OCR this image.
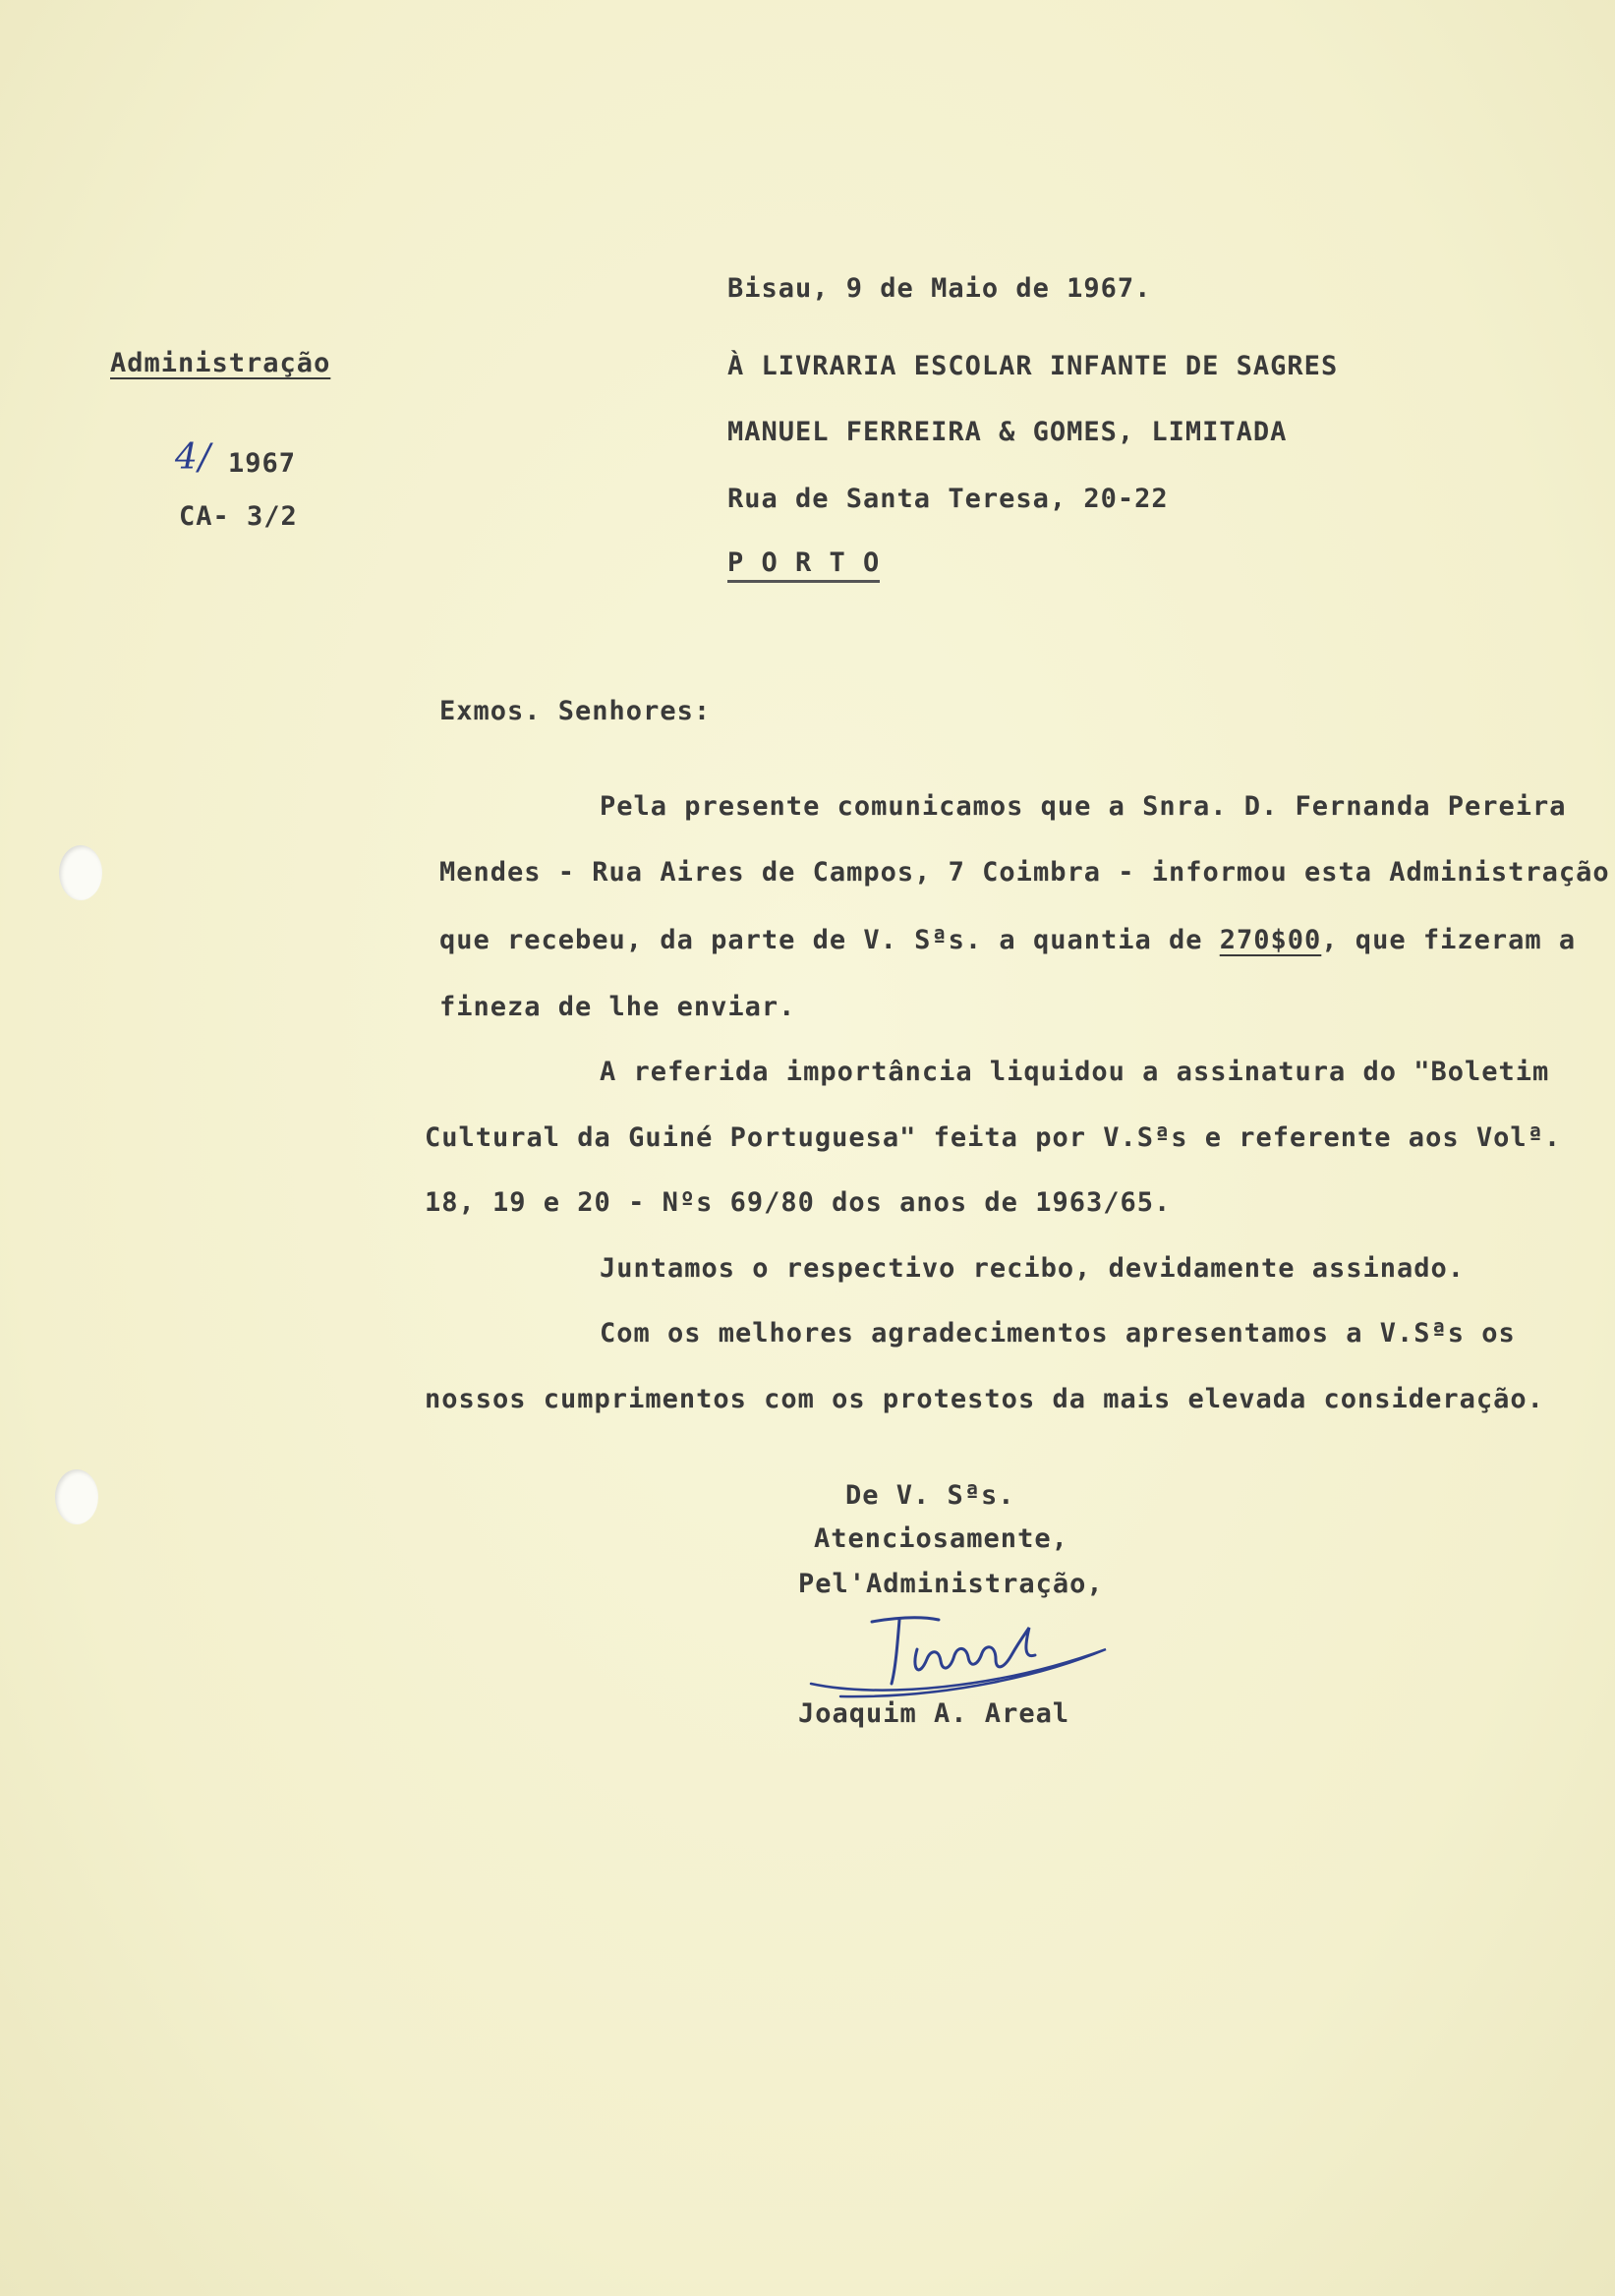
Administração
4/ 1967
CA- 3/2
Bisau, 9 de Maio de 1967.
À LIVRARIA ESCOLAR INFANTE DE SAGRES
MANUEL FERREIRA & GOMES, LIMITADA
Rua de Santa Teresa, 20-22
P O R T O
Exmos. Senhores:
Pela presente comunicamos que a Snra. D. Fernanda Pereira
Mendes - Rua Aires de Campos, 7 Coimbra - informou esta Administração
que recebeu, da parte de V. Sªs. a quantia de 270$00, que fizeram a
fineza de lhe enviar.
A referida importância liquidou a assinatura do "Boletim
Cultural da Guiné Portuguesa" feita por V.Sªs e referente aos Volª.
18, 19 e 20 - Nºs 69/80 dos anos de 1963/65.
Juntamos o respectivo recibo, devidamente assinado.
Com os melhores agradecimentos apresentamos a V.Sªs os
nossos cumprimentos com os protestos da mais elevada consideração.
De V. Sªs.
Atenciosamente,
Pel'Administração,
Joaquim A. Areal
